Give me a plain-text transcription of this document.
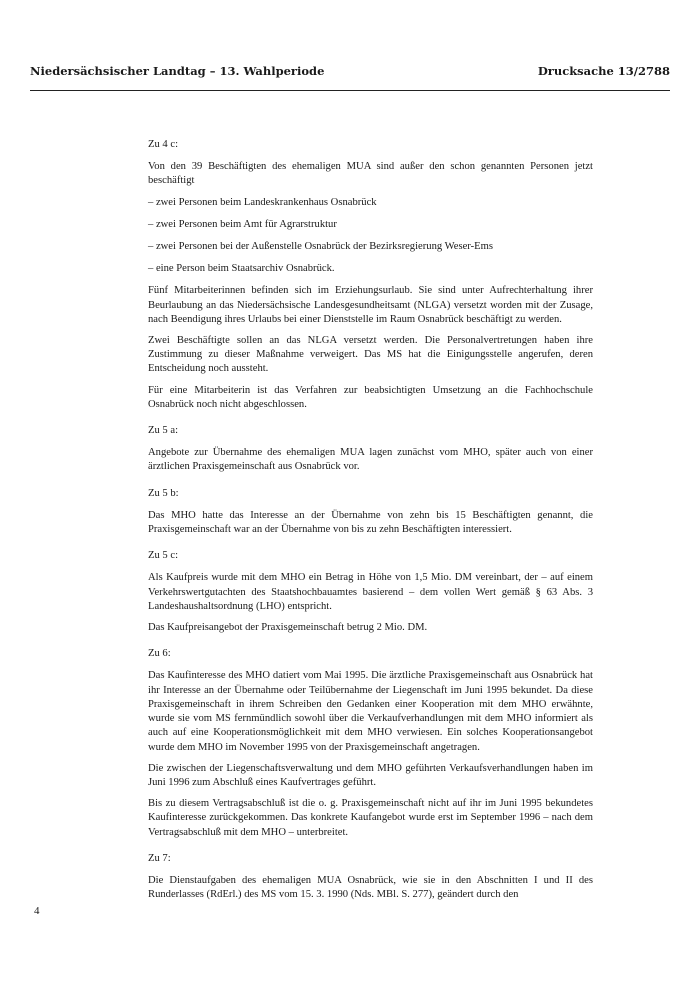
Niedersächsischer Landtag – 13. Wahlperiode	Drucksache 13/2788

Zu 4 c:

Von den 39 Beschäftigten des ehemaligen MUA sind außer den schon genannten Personen jetzt beschäftigt

– zwei Personen beim Landeskrankenhaus Osnabrück

– zwei Personen beim Amt für Agrarstruktur

– zwei Personen bei der Außenstelle Osnabrück der Bezirksregierung Weser-Ems

– eine Person beim Staatsarchiv Osnabrück.

Fünf Mitarbeiterinnen befinden sich im Erziehungsurlaub. Sie sind unter Aufrechterhaltung ihrer Beurlaubung an das Niedersächsische Landesgesundheitsamt (NLGA) versetzt worden mit der Zusage, nach Beendigung ihres Urlaubs bei einer Dienststelle im Raum Osnabrück beschäftigt zu werden.

Zwei Beschäftigte sollen an das NLGA versetzt werden. Die Personalvertretungen haben ihre Zustimmung zu dieser Maßnahme verweigert. Das MS hat die Einigungsstelle angerufen, deren Entscheidung noch aussteht.

Für eine Mitarbeiterin ist das Verfahren zur beabsichtigten Umsetzung an die Fachhochschule Osnabrück noch nicht abgeschlossen.

Zu 5 a:

Angebote zur Übernahme des ehemaligen MUA lagen zunächst vom MHO, später auch von einer ärztlichen Praxisgemeinschaft aus Osnabrück vor.

Zu 5 b:

Das MHO hatte das Interesse an der Übernahme von zehn bis 15 Beschäftigten genannt, die Praxisgemeinschaft war an der Übernahme von bis zu zehn Beschäftigten interessiert.

Zu 5 c:

Als Kaufpreis wurde mit dem MHO ein Betrag in Höhe von 1,5 Mio. DM vereinbart, der – auf einem Verkehrswertgutachten des Staatshochbauamtes basierend – dem vollen Wert gemäß § 63 Abs. 3 Landeshaushaltsordnung (LHO) entspricht.

Das Kaufpreisangebot der Praxisgemeinschaft betrug 2 Mio. DM.

Zu 6:

Das Kaufinteresse des MHO datiert vom Mai 1995. Die ärztliche Praxisgemeinschaft aus Osnabrück hat ihr Interesse an der Übernahme oder Teilübernahme der Liegenschaft im Juni 1995 bekundet. Da diese Praxisgemeinschaft in ihrem Schreiben den Gedanken einer Kooperation mit dem MHO erwähnte, wurde sie vom MS fernmündlich sowohl über die Verkaufverhandlungen mit dem MHO informiert als auch auf eine Kooperationsmöglichkeit mit dem MHO verwiesen. Ein solches Kooperationsangebot wurde dem MHO im November 1995 von der Praxisgemeinschaft angetragen.

Die zwischen der Liegenschaftsverwaltung und dem MHO geführten Verkaufsverhandlungen haben im Juni 1996 zum Abschluß eines Kaufvertrages geführt.

Bis zu diesem Vertragsabschluß ist die o. g. Praxisgemeinschaft nicht auf ihr im Juni 1995 bekundetes Kaufinteresse zurückgekommen. Das konkrete Kaufangebot wurde erst im September 1996 – nach dem Vertragsabschluß mit dem MHO – unterbreitet.

Zu 7:

Die Dienstaufgaben des ehemaligen MUA Osnabrück, wie sie in den Abschnitten I und II des Runderlasses (RdErl.) des MS vom 15. 3. 1990 (Nds. MBl. S. 277), geändert durch den

4
